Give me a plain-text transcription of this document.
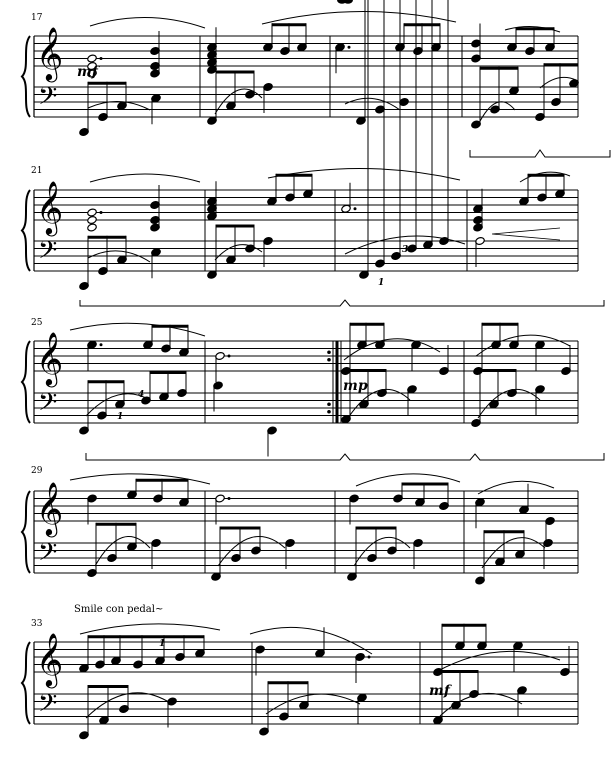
𝄞
𝄢
𝄞
𝄢
𝄞
𝄢
𝄞
𝄢
𝄞
𝄢
17
21
25
29
33
mf
mp
mf
3
1
4
1
1
Smile con pedal~
